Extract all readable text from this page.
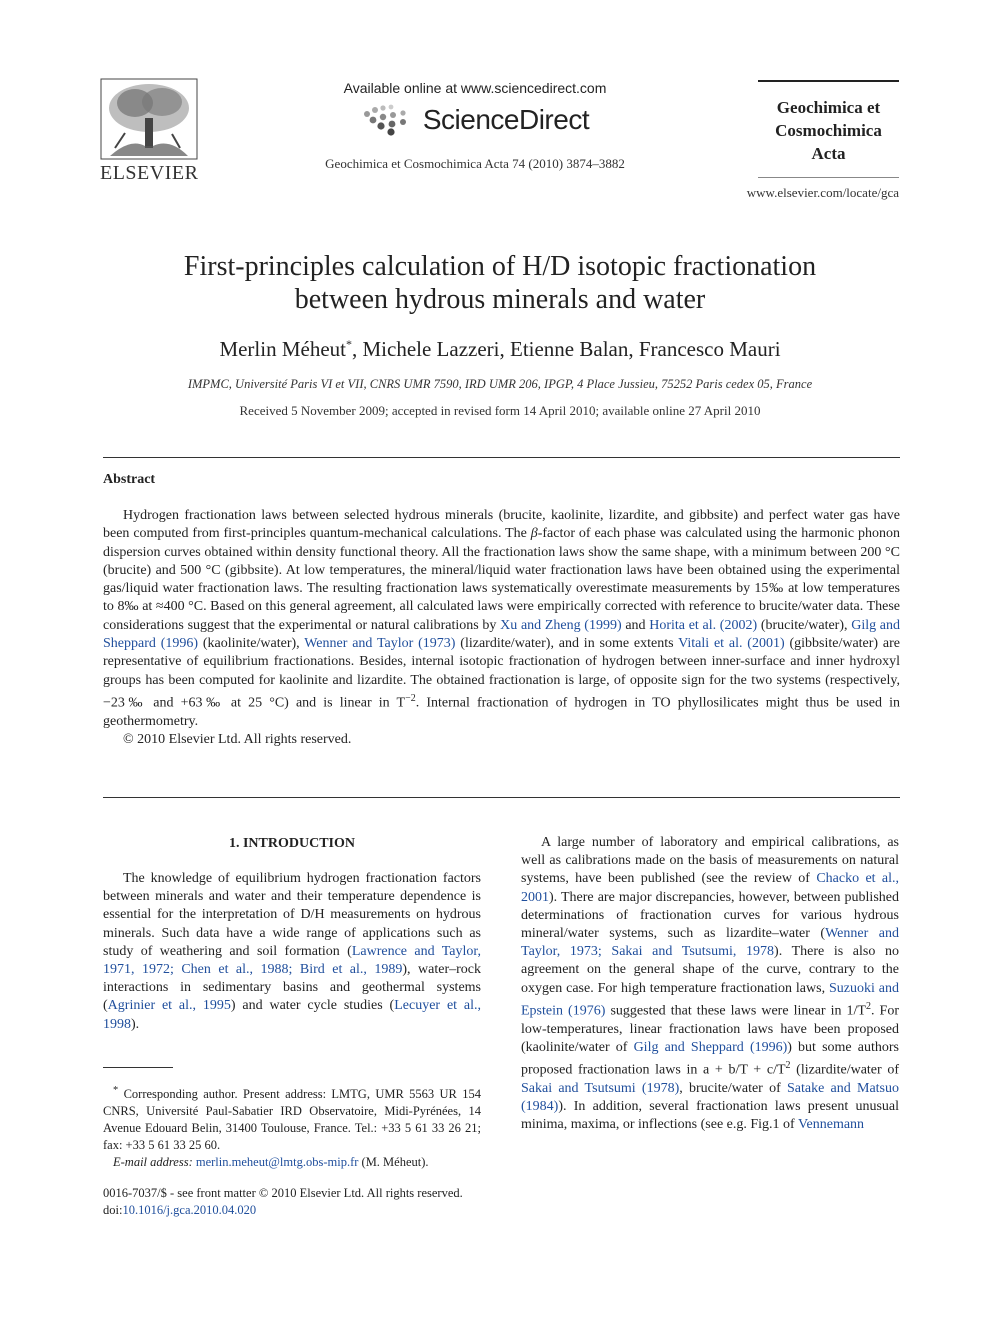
ELSEVIER
Available online at www.sciencedirect.com
ScienceDirect
Geochimica et Cosmochimica Acta 74 (2010) 3874–3882
Geochimica et
Cosmochimica
Acta
www.elsevier.com/locate/gca
First-principles calculation of H/D isotopic fractionation
between hydrous minerals and water
Merlin Méheut*, Michele Lazzeri, Etienne Balan, Francesco Mauri
IMPMC, Université Paris VI et VII, CNRS UMR 7590, IRD UMR 206, IPGP, 4 Place Jussieu, 75252 Paris cedex 05, France
Received 5 November 2009; accepted in revised form 14 April 2010; available online 27 April 2010
Abstract

Hydrogen fractionation laws between selected hydrous minerals (brucite, kaolinite, lizardite, and gibbsite) and perfect water gas have been computed from first-principles quantum-mechanical calculations. The β-factor of each phase was calculated using the harmonic phonon dispersion curves obtained within density functional theory. All the fractionation laws show the same shape, with a minimum between 200 °C (brucite) and 500 °C (gibbsite). At low temperatures, the mineral/liquid water fractionation laws have been obtained using the experimental gas/liquid water fractionation laws. The resulting fractionation laws systematically overestimate measurements by 15‰ at low temperatures to 8‰ at ≈400 °C. Based on this general agreement, all calculated laws were empirically corrected with reference to brucite/water data. These considerations suggest that the experimental or natural calibrations by Xu and Zheng (1999) and Horita et al. (2002) (brucite/water), Gilg and Sheppard (1996) (kaolinite/water), Wenner and Taylor (1973) (lizardite/water), and in some extents Vitali et al. (2001) (gibbsite/water) are representative of equilibrium fractionations. Besides, internal isotopic fractionation of hydrogen between inner-surface and inner hydroxyl groups has been computed for kaolinite and lizardite. The obtained fractionation is large, of opposite sign for the two systems (respectively, −23‰ and +63‰ at 25 °C) and is linear in $T^{-2}$. Internal fractionation of hydrogen in TO phyllosilicates might thus be used in geothermometry.

© 2010 Elsevier Ltd. All rights reserved.

1. INTRODUCTION

The knowledge of equilibrium hydrogen fractionation factors between minerals and water and their temperature dependence is essential for the interpretation of D/H measurements on hydrous minerals. Such data have a wide range of applications such as study of weathering and soil formation (Lawrence and Taylor, 1971, 1972; Chen et al., 1988; Bird et al., 1989), water–rock interactions in sedimentary basins and geothermal systems (Agrinier et al., 1995) and water cycle studies (Lecuyer et al., 1998).

A large number of laboratory and empirical calibrations, as well as calibrations made on the basis of measurements on natural systems, have been published (see the review of Chacko et al., 2001). There are major discrepancies, however, between published determinations of fractionation curves for various hydrous mineral/water systems, such as lizardite–water (Wenner and Taylor, 1973; Sakai and Tsutsumi, 1978). There is also no agreement on the general shape of the curve, contrary to the oxygen case. For high temperature fractionation laws, Suzuoki and Epstein (1976) suggested that these laws were linear in $1/T^2$. For low-temperatures, linear fractionation laws have been proposed (kaolinite/water of Gilg and Sheppard (1996)) but some authors proposed fractionation laws in $a + b/T + c/T^2$ (lizardite/water of Sakai and Tsutsumi (1978), brucite/water of Satake and Matsuo (1984)). In addition, several fractionation laws present unusual minima, maxima, or inflections (see e.g. Fig.1 of Vennemann

* Corresponding author. Present address: LMTG, UMR 5563 UR 154 CNRS, Université Paul-Sabatier IRD Observatoire, Midi-Pyrénées, 14 Avenue Edouard Belin, 31400 Toulouse, France. Tel.: +33 5 61 33 26 21; fax: +33 5 61 33 25 60.

E-mail address: merlin.meheut@lmtg.obs-mip.fr (M. Méheut).

0016-7037/$ - see front matter © 2010 Elsevier Ltd. All rights reserved.
doi:10.1016/j.gca.2010.04.020
